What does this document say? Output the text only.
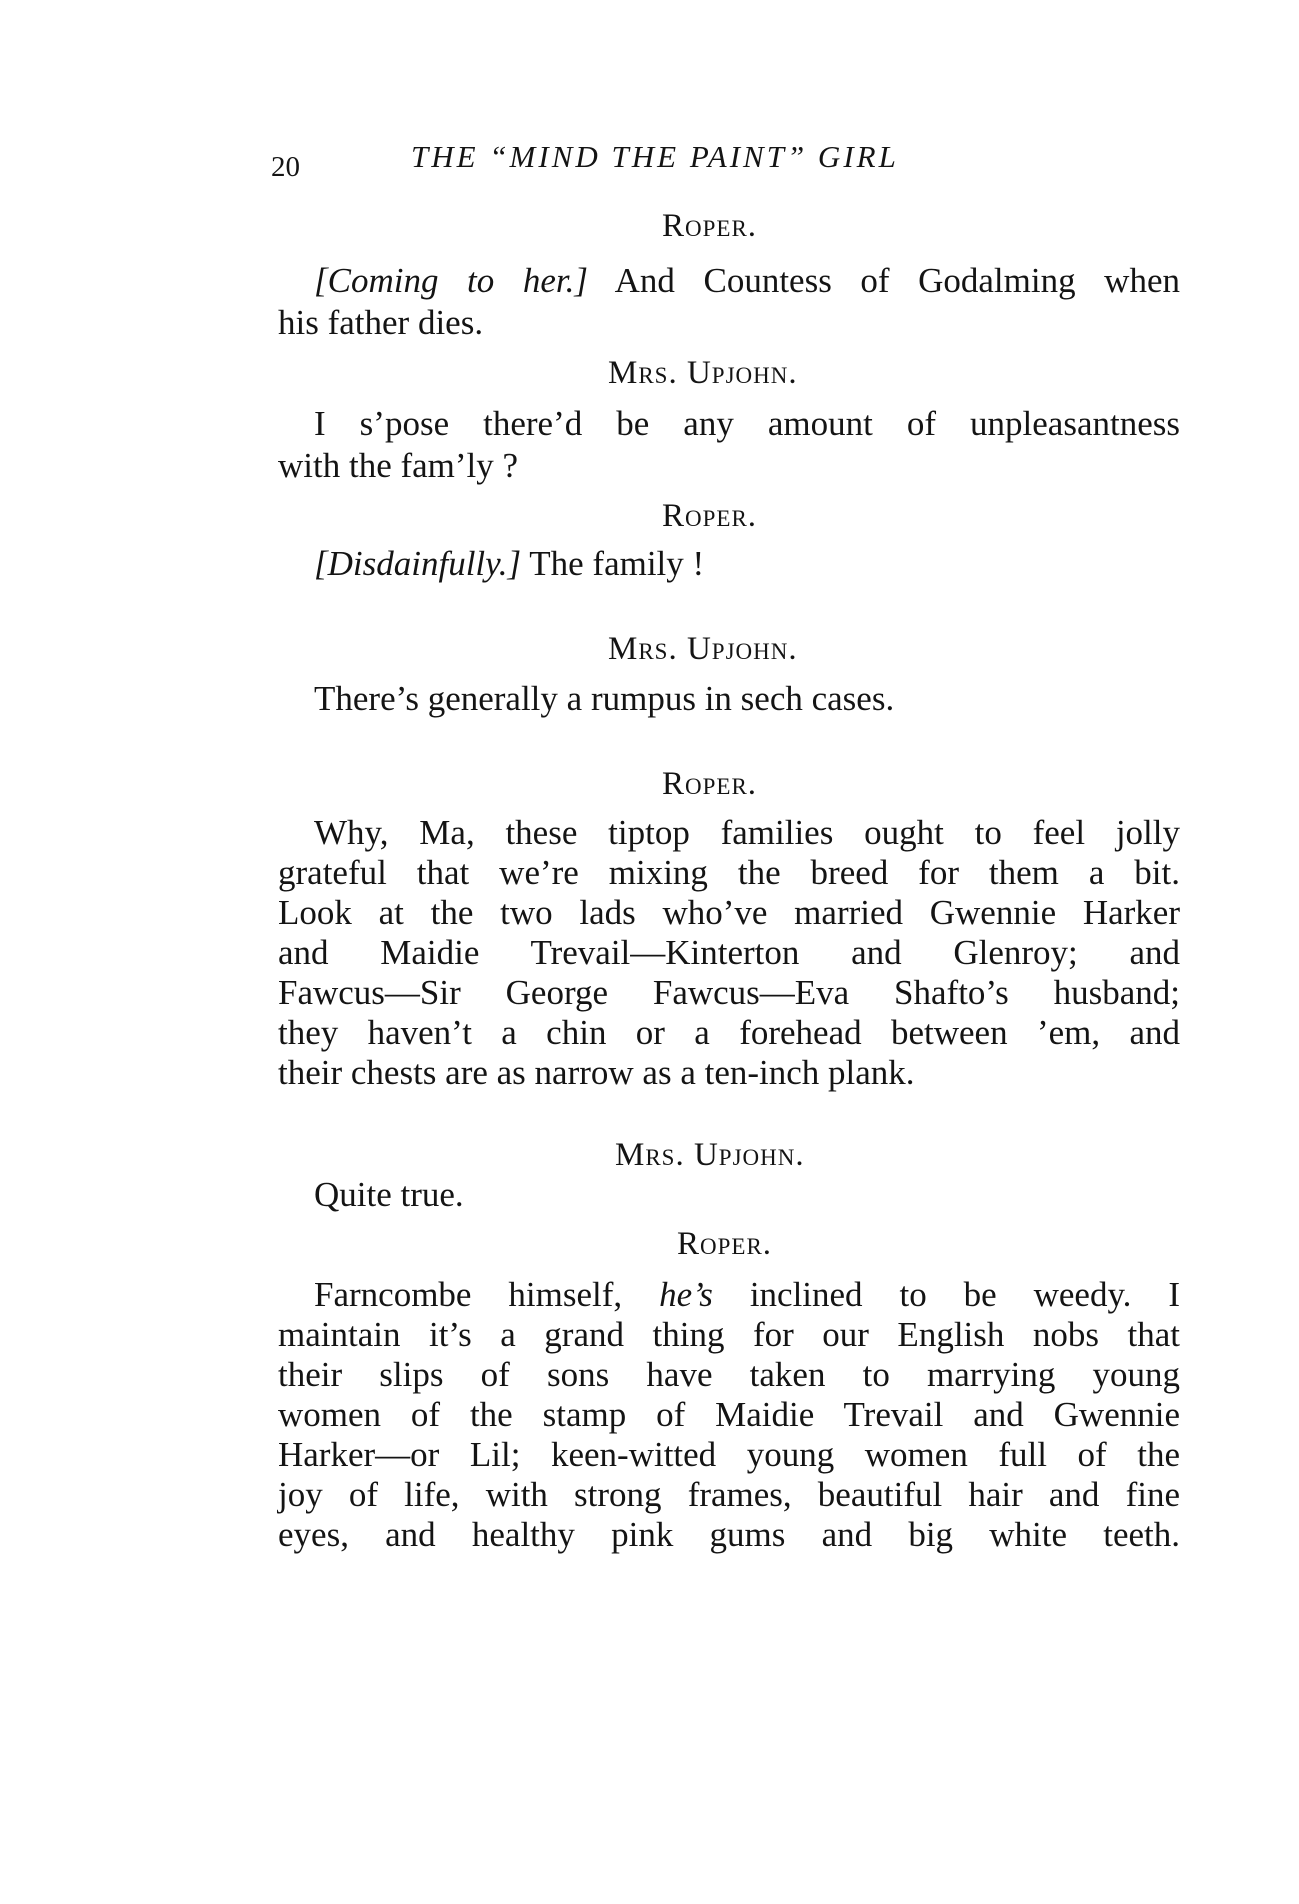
20	THE “MIND THE PAINT” GIRL
Roper.
[Coming to her.] And Countess of Godalming when
his father dies.
Mrs. Upjohn.
I s’pose there’d be any amount of unpleasantness
with the fam’ly ?
Roper.
[Disdainfully.] The family !
Mrs. Upjohn.
There’s generally a rumpus in sech cases.
Roper.
Why, Ma, these tiptop families ought to feel jolly
grateful that we’re mixing the breed for them a bit.
Look at the two lads who’ve married Gwennie Harker
and Maidie Trevail—Kinterton and Glenroy; and
Fawcus—Sir George Fawcus—Eva Shafto’s husband;
they haven’t a chin or a forehead between ’em, and
their chests are as narrow as a ten-inch plank.
Mrs. Upjohn.
Quite true.
Roper.
Farncombe himself, he’s inclined to be weedy. I
maintain it’s a grand thing for our English nobs that
their slips of sons have taken to marrying young
women of the stamp of Maidie Trevail and Gwennie
Harker—or Lil; keen-witted young women full of the
joy of life, with strong frames, beautiful hair and fine
eyes, and healthy pink gums and big white teeth.
